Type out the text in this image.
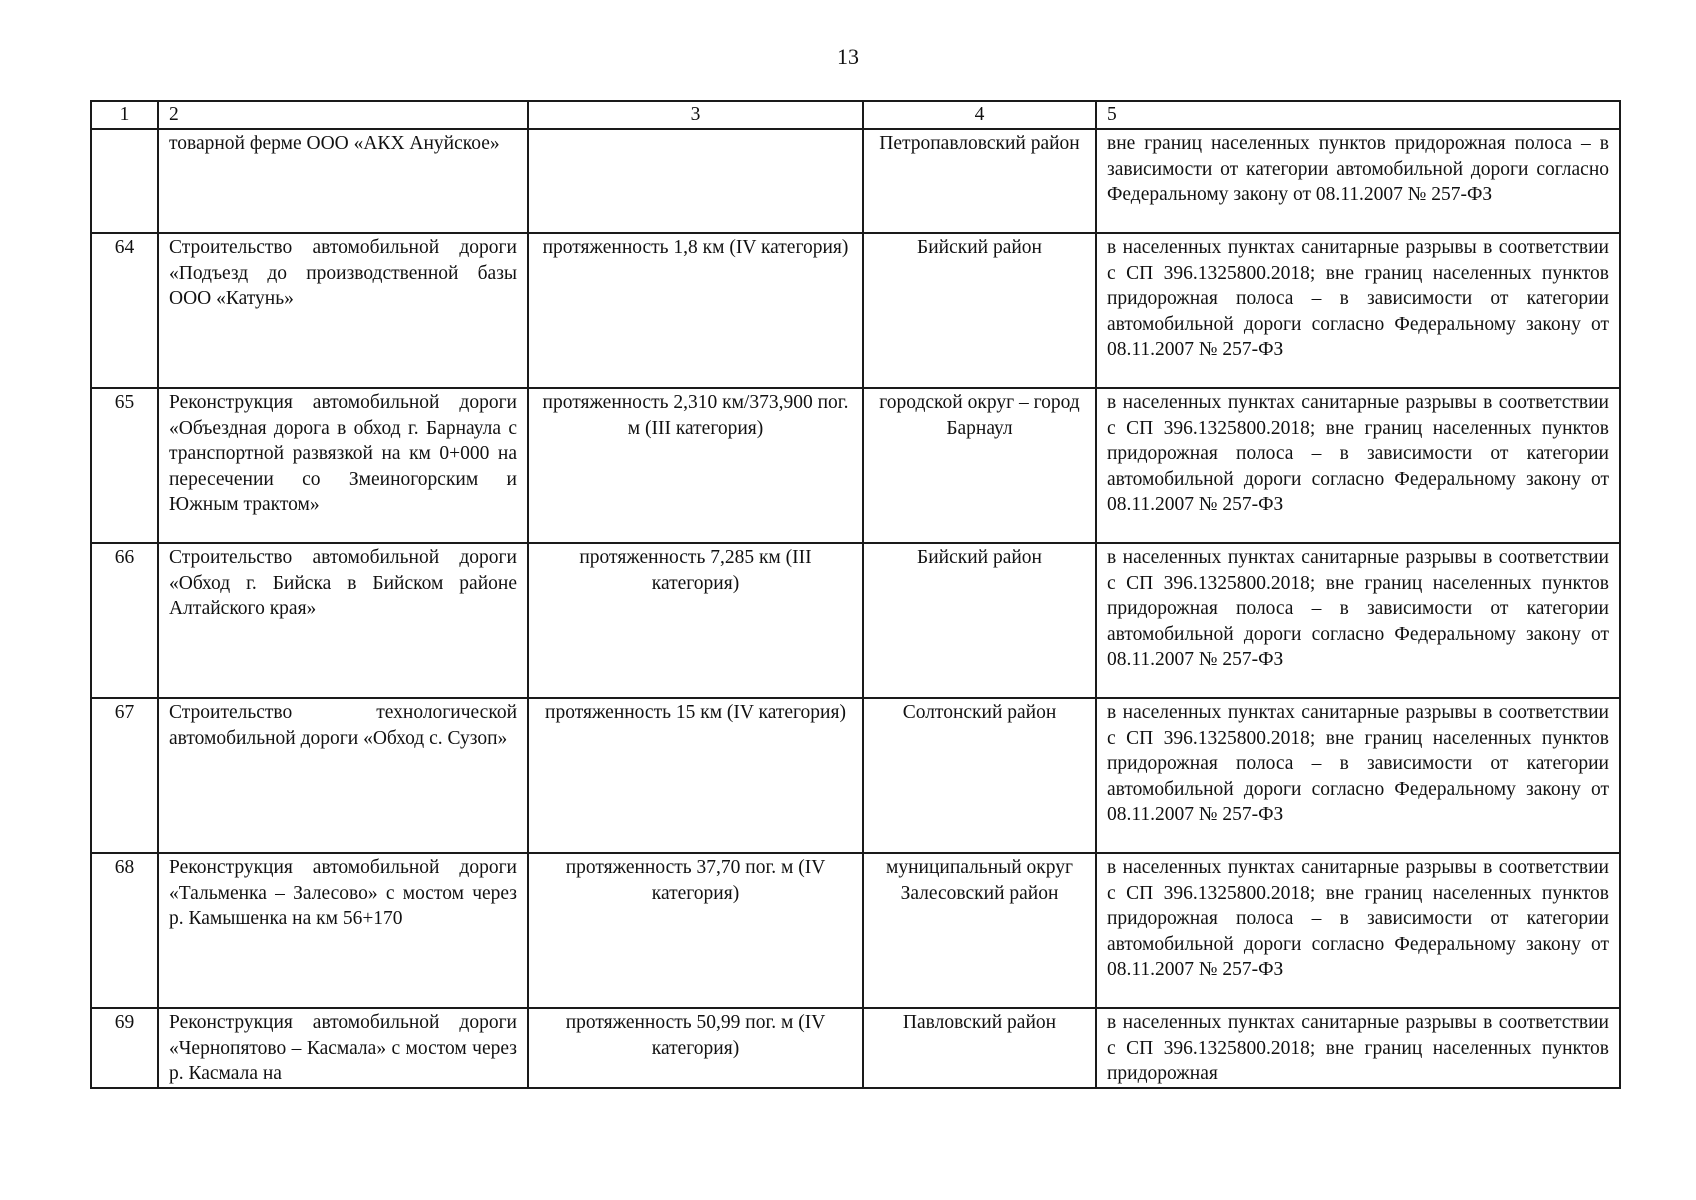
13
1	2	3	4	5
	товарной ферме ООО «АКХ Ануйское»		Петропавловский район	вне границ населенных пунктов придорожная полоса – в зависимости от категории автомобильной дороги согласно Федеральному закону от 08.11.2007 № 257-ФЗ
64	Строительство автомобильной дороги «Подъезд до производственной базы ООО «Катунь»	протяженность 1,8 км (IV категория)	Бийский район	в населенных пунктах санитарные разрывы в соответствии с СП 396.1325800.2018; вне границ населенных пунктов придорожная полоса – в зависимости от категории автомобильной дороги согласно Федеральному закону от 08.11.2007 № 257-ФЗ
65	Реконструкция автомобильной дороги «Объездная дорога в обход г. Барнаула с транспортной развязкой на км 0+000 на пересечении со Змеиногорским и Южным трактом»	протяженность 2,310 км/373,900 пог. м (III категория)	городской округ – город Барнаул	в населенных пунктах санитарные разрывы в соответствии с СП 396.1325800.2018; вне границ населенных пунктов придорожная полоса – в зависимости от категории автомобильной дороги согласно Федеральному закону от 08.11.2007 № 257-ФЗ
66	Строительство автомобильной дороги «Обход г. Бийска в Бийском районе Алтайского края»	протяженность 7,285 км (III категория)	Бийский район	в населенных пунктах санитарные разрывы в соответствии с СП 396.1325800.2018; вне границ населенных пунктов придорожная полоса – в зависимости от категории автомобильной дороги согласно Федеральному закону от 08.11.2007 № 257-ФЗ
67	Строительство технологической автомобильной дороги «Обход с. Сузоп»	протяженность 15 км (IV категория)	Солтонский район	в населенных пунктах санитарные разрывы в соответствии с СП 396.1325800.2018; вне границ населенных пунктов придорожная полоса – в зависимости от категории автомобильной дороги согласно Федеральному закону от 08.11.2007 № 257-ФЗ
68	Реконструкция автомобильной дороги «Тальменка – Залесово» с мостом через р. Камышенка на км 56+170	протяженность 37,70 пог. м (IV категория)	муниципальный округ Залесовский район	в населенных пунктах санитарные разрывы в соответствии с СП 396.1325800.2018; вне границ населенных пунктов придорожная полоса – в зависимости от категории автомобильной дороги согласно Федеральному закону от 08.11.2007 № 257-ФЗ
69	Реконструкция автомобильной дороги «Чернопятово – Касмала» с мостом через р. Касмала на	протяженность 50,99 пог. м (IV категория)	Павловский район	в населенных пунктах санитарные разрывы в соответствии с СП 396.1325800.2018; вне границ населенных пунктов придорожная
